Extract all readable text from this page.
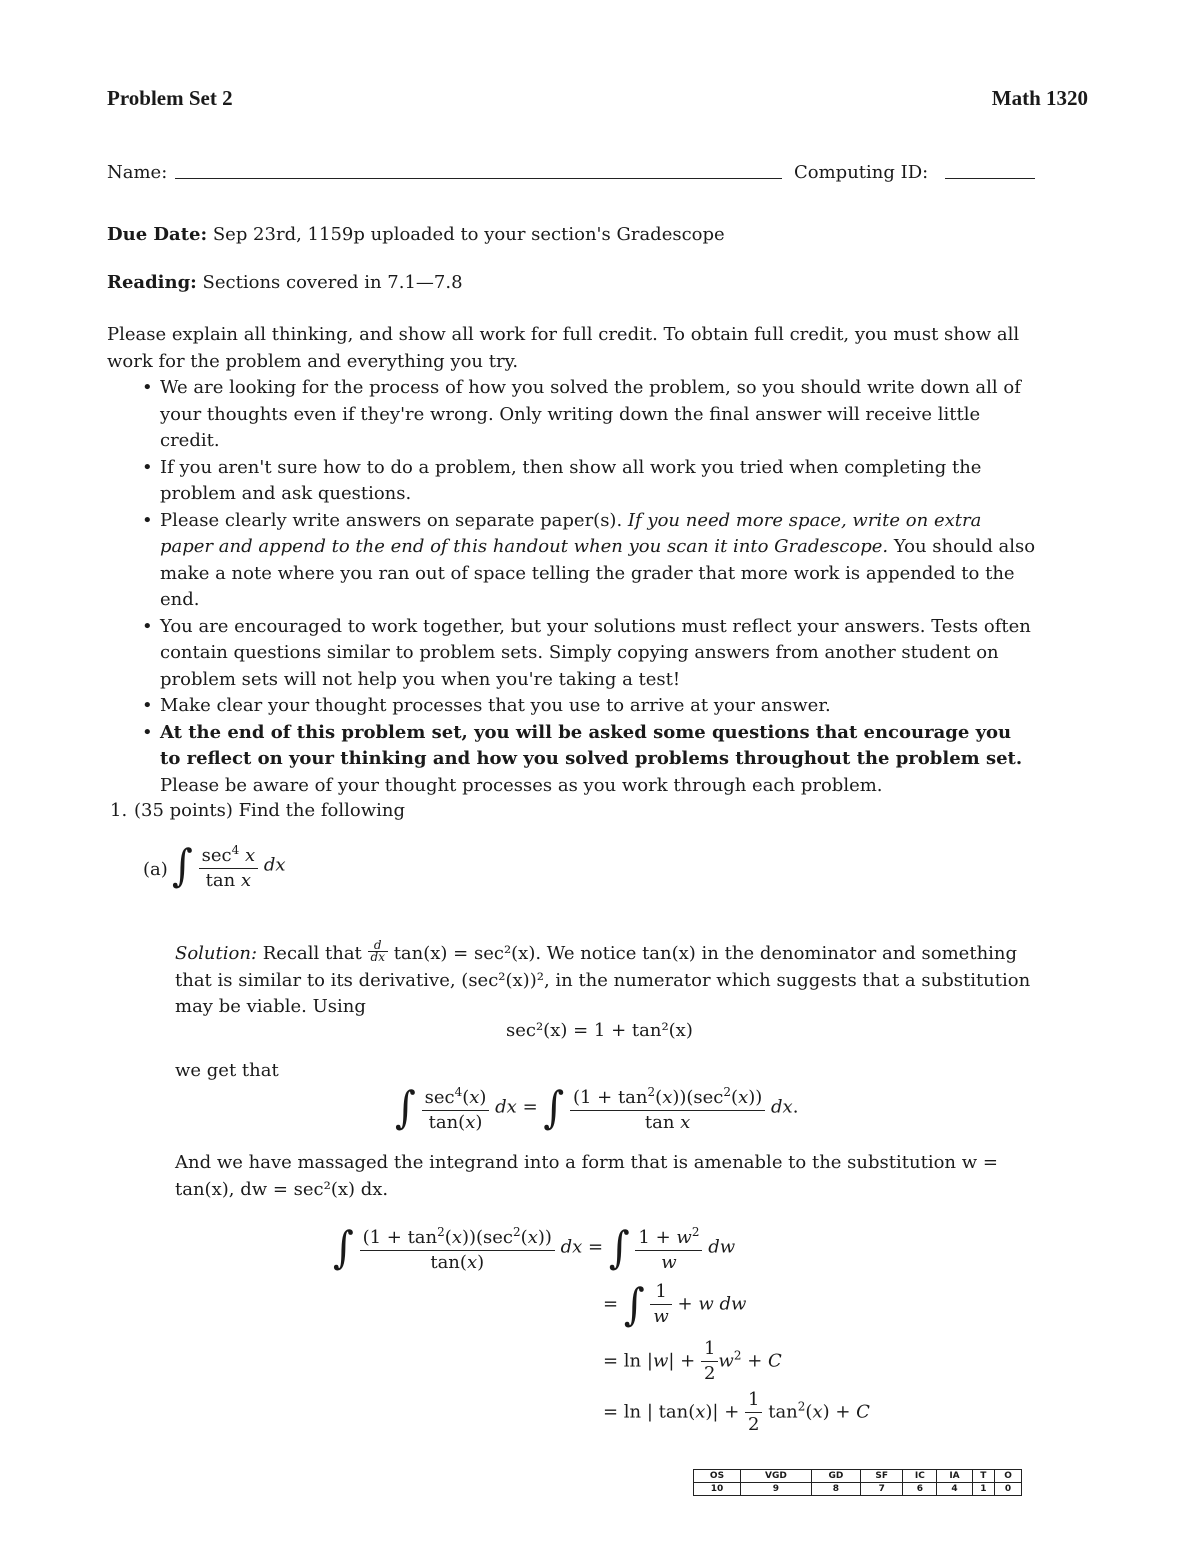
Problem Set 2	Math 1320
Name:	Computing ID:
Due Date: Sep 23rd, 1159p uploaded to your section's Gradescope
Reading: Sections covered in 7.1—7.8
Please explain all thinking, and show all work for full credit. To obtain full credit, you must show all work for the problem and everything you try.
• We are looking for the process of how you solved the problem, so you should write down all of your thoughts even if they're wrong. Only writing down the final answer will receive little credit.
• If you aren't sure how to do a problem, then show all work you tried when completing the problem and ask questions.
• Please clearly write answers on separate paper(s). If you need more space, write on extra paper and append to the end of this handout when you scan it into Gradescope. You should also make a note where you ran out of space telling the grader that more work is appended to the end.
• You are encouraged to work together, but your solutions must reflect your answers. Tests often contain questions similar to problem sets. Simply copying answers from another student on problem sets will not help you when you're taking a test!
• Make clear your thought processes that you use to arrive at your answer.
• At the end of this problem set, you will be asked some questions that encourage you to reflect on your thinking and how you solved problems throughout the problem set. Please be aware of your thought processes as you work through each problem.
1. (35 points) Find the following
(a) ∫ $\frac{\sec^4 x}{\text{tan x}}$ dx
Solution: Recall that $\frac{d}{dx} \tan(x) = \sec^2(x)$. We notice tan(x) in the denominator and something that is similar to its derivative, (sec²(x))², in the numerator which suggests that a substitution may be viable. Using
sec²(x) = 1 + tan²(x)
we get that
∫ $\frac{\sec^4(x)}{\tan(x)}$ dx = ∫ $\frac{(1 + \tan^2(x))(\sec^2(x))}{\text{tan x}}$ dx.
And we have massaged the integrand into a form that is amenable to the substitution w = tan(x), dw = sec²(x) dx.
∫ $\frac{(1 + \tan^2(x))(\sec^2(x))}{\tan(x)}$ dx = ∫ $\frac{1 + w^2}{w}$ dw
= ∫ $\frac{1}{w} + w$ dw
= $\ln |w| + \frac{1}{2} w^2 + C$
= ln | $\tan(x)| + \frac{1}{2} \tan^2(x) + C$
OS	VGD	GD	SF	IC	IA	T	O
10	9	8	7	6	4	1	0
